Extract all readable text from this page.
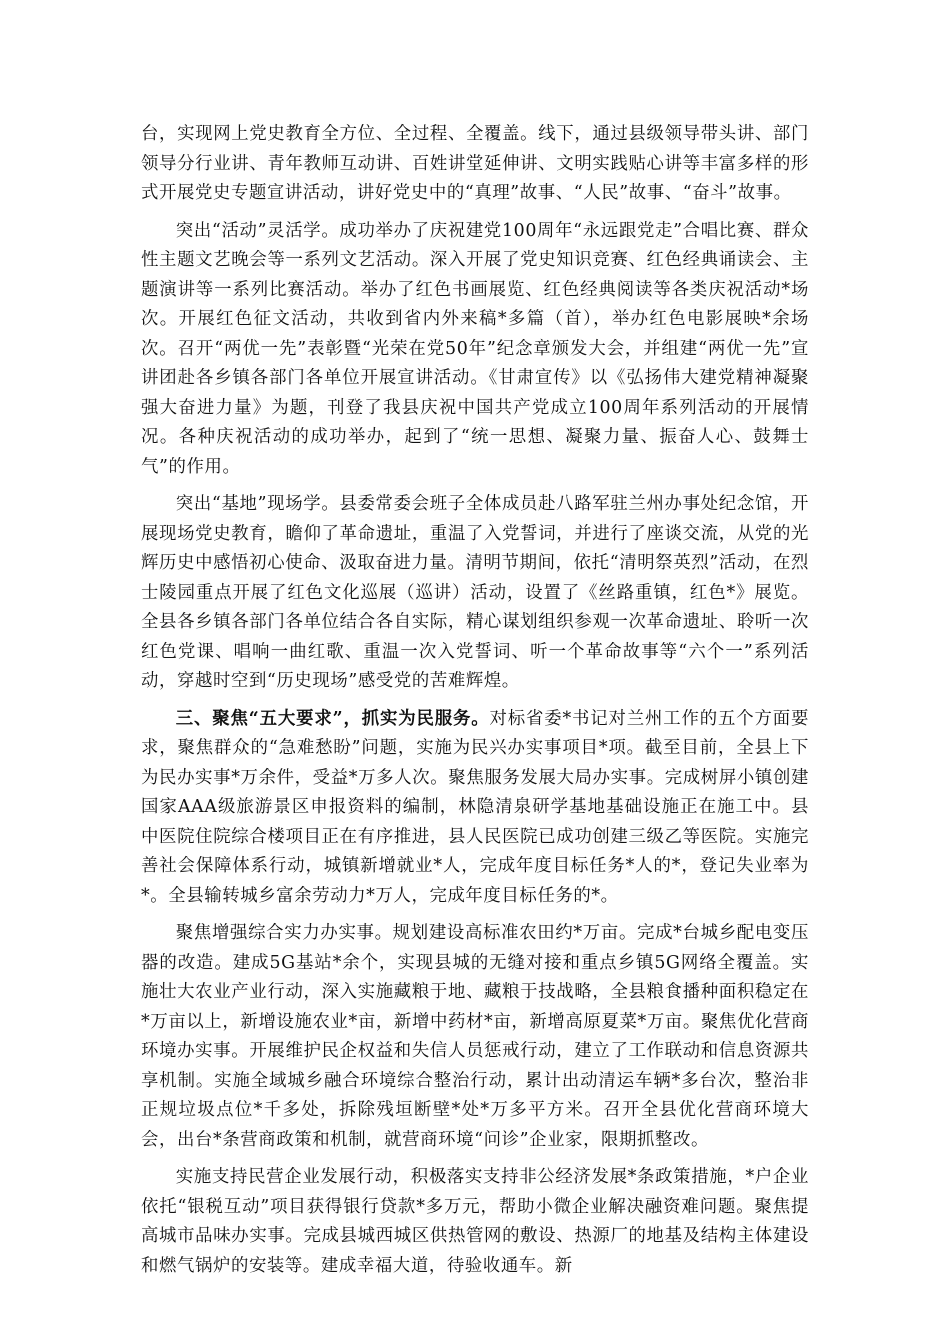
台，实现网上党史教育全方位、全过程、全覆盖。线下，通过县级领导带头讲、部门领导分行业讲、青年教师互动讲、百姓讲堂延伸讲、文明实践贴心讲等丰富多样的形式开展党史专题宣讲活动，讲好党史中的“真理”故事、“人民”故事、“奋斗”故事。

突出“活动”灵活学。成功举办了庆祝建党100周年“永远跟党走”合唱比赛、群众性主题文艺晚会等一系列文艺活动。深入开展了党史知识竞赛、红色经典诵读会、主题演讲等一系列比赛活动。举办了红色书画展览、红色经典阅读等各类庆祝活动*场次。开展红色征文活动，共收到省内外来稿*多篇（首），举办红色电影展映*余场次。召开“两优一先”表彰暨“光荣在党50年”纪念章颁发大会，并组建“两优一先”宣讲团赴各乡镇各部门各单位开展宣讲活动。《甘肃宣传》以《弘扬伟大建党精神凝聚强大奋进力量》为题，刊登了我县庆祝中国共产党成立100周年系列活动的开展情况。各种庆祝活动的成功举办，起到了“统一思想、凝聚力量、振奋人心、鼓舞士气”的作用。

突出“基地”现场学。县委常委会班子全体成员赴八路军驻兰州办事处纪念馆，开展现场党史教育，瞻仰了革命遗址，重温了入党誓词，并进行了座谈交流，从党的光辉历史中感悟初心使命、汲取奋进力量。清明节期间，依托“清明祭英烈”活动，在烈士陵园重点开展了红色文化巡展（巡讲）活动，设置了《丝路重镇，红色*》展览。全县各乡镇各部门各单位结合各自实际，精心谋划组织参观一次革命遗址、聆听一次红色党课、唱响一曲红歌、重温一次入党誓词、听一个革命故事等“六个一”系列活动，穿越时空到“历史现场”感受党的苦难辉煌。

三、聚焦“五大要求”，抓实为民服务。对标省委*书记对兰州工作的五个方面要求，聚焦群众的“急难愁盼”问题，实施为民兴办实事项目*项。截至目前，全县上下为民办实事*万余件，受益*万多人次。聚焦服务发展大局办实事。完成树屏小镇创建国家AAA级旅游景区申报资料的编制，林隐清泉研学基地基础设施正在施工中。县中医院住院综合楼项目正在有序推进，县人民医院已成功创建三级乙等医院。实施完善社会保障体系行动，城镇新增就业*人，完成年度目标任务*人的*，登记失业率为*。全县输转城乡富余劳动力*万人，完成年度目标任务的*。

聚焦增强综合实力办实事。规划建设高标准农田约*万亩。完成*台城乡配电变压器的改造。建成5G基站*余个，实现县城的无缝对接和重点乡镇5G网络全覆盖。实施壮大农业产业行动，深入实施藏粮于地、藏粮于技战略，全县粮食播种面积稳定在*万亩以上，新增设施农业*亩，新增中药材*亩，新增高原夏菜*万亩。聚焦优化营商环境办实事。开展维护民企权益和失信人员惩戒行动，建立了工作联动和信息资源共享机制。实施全域城乡融合环境综合整治行动，累计出动清运车辆*多台次，整治非正规垃圾点位*千多处，拆除残垣断壁*处*万多平方米。召开全县优化营商环境大会，出台*条营商政策和机制，就营商环境“问诊”企业家，限期抓整改。

实施支持民营企业发展行动，积极落实支持非公经济发展*条政策措施，*户企业依托“银税互动”项目获得银行贷款*多万元，帮助小微企业解决融资难问题。聚焦提高城市品味办实事。完成县城西城区供热管网的敷设、热源厂的地基及结构主体建设和燃气锅炉的安装等。建成幸福大道，待验收通车。新
